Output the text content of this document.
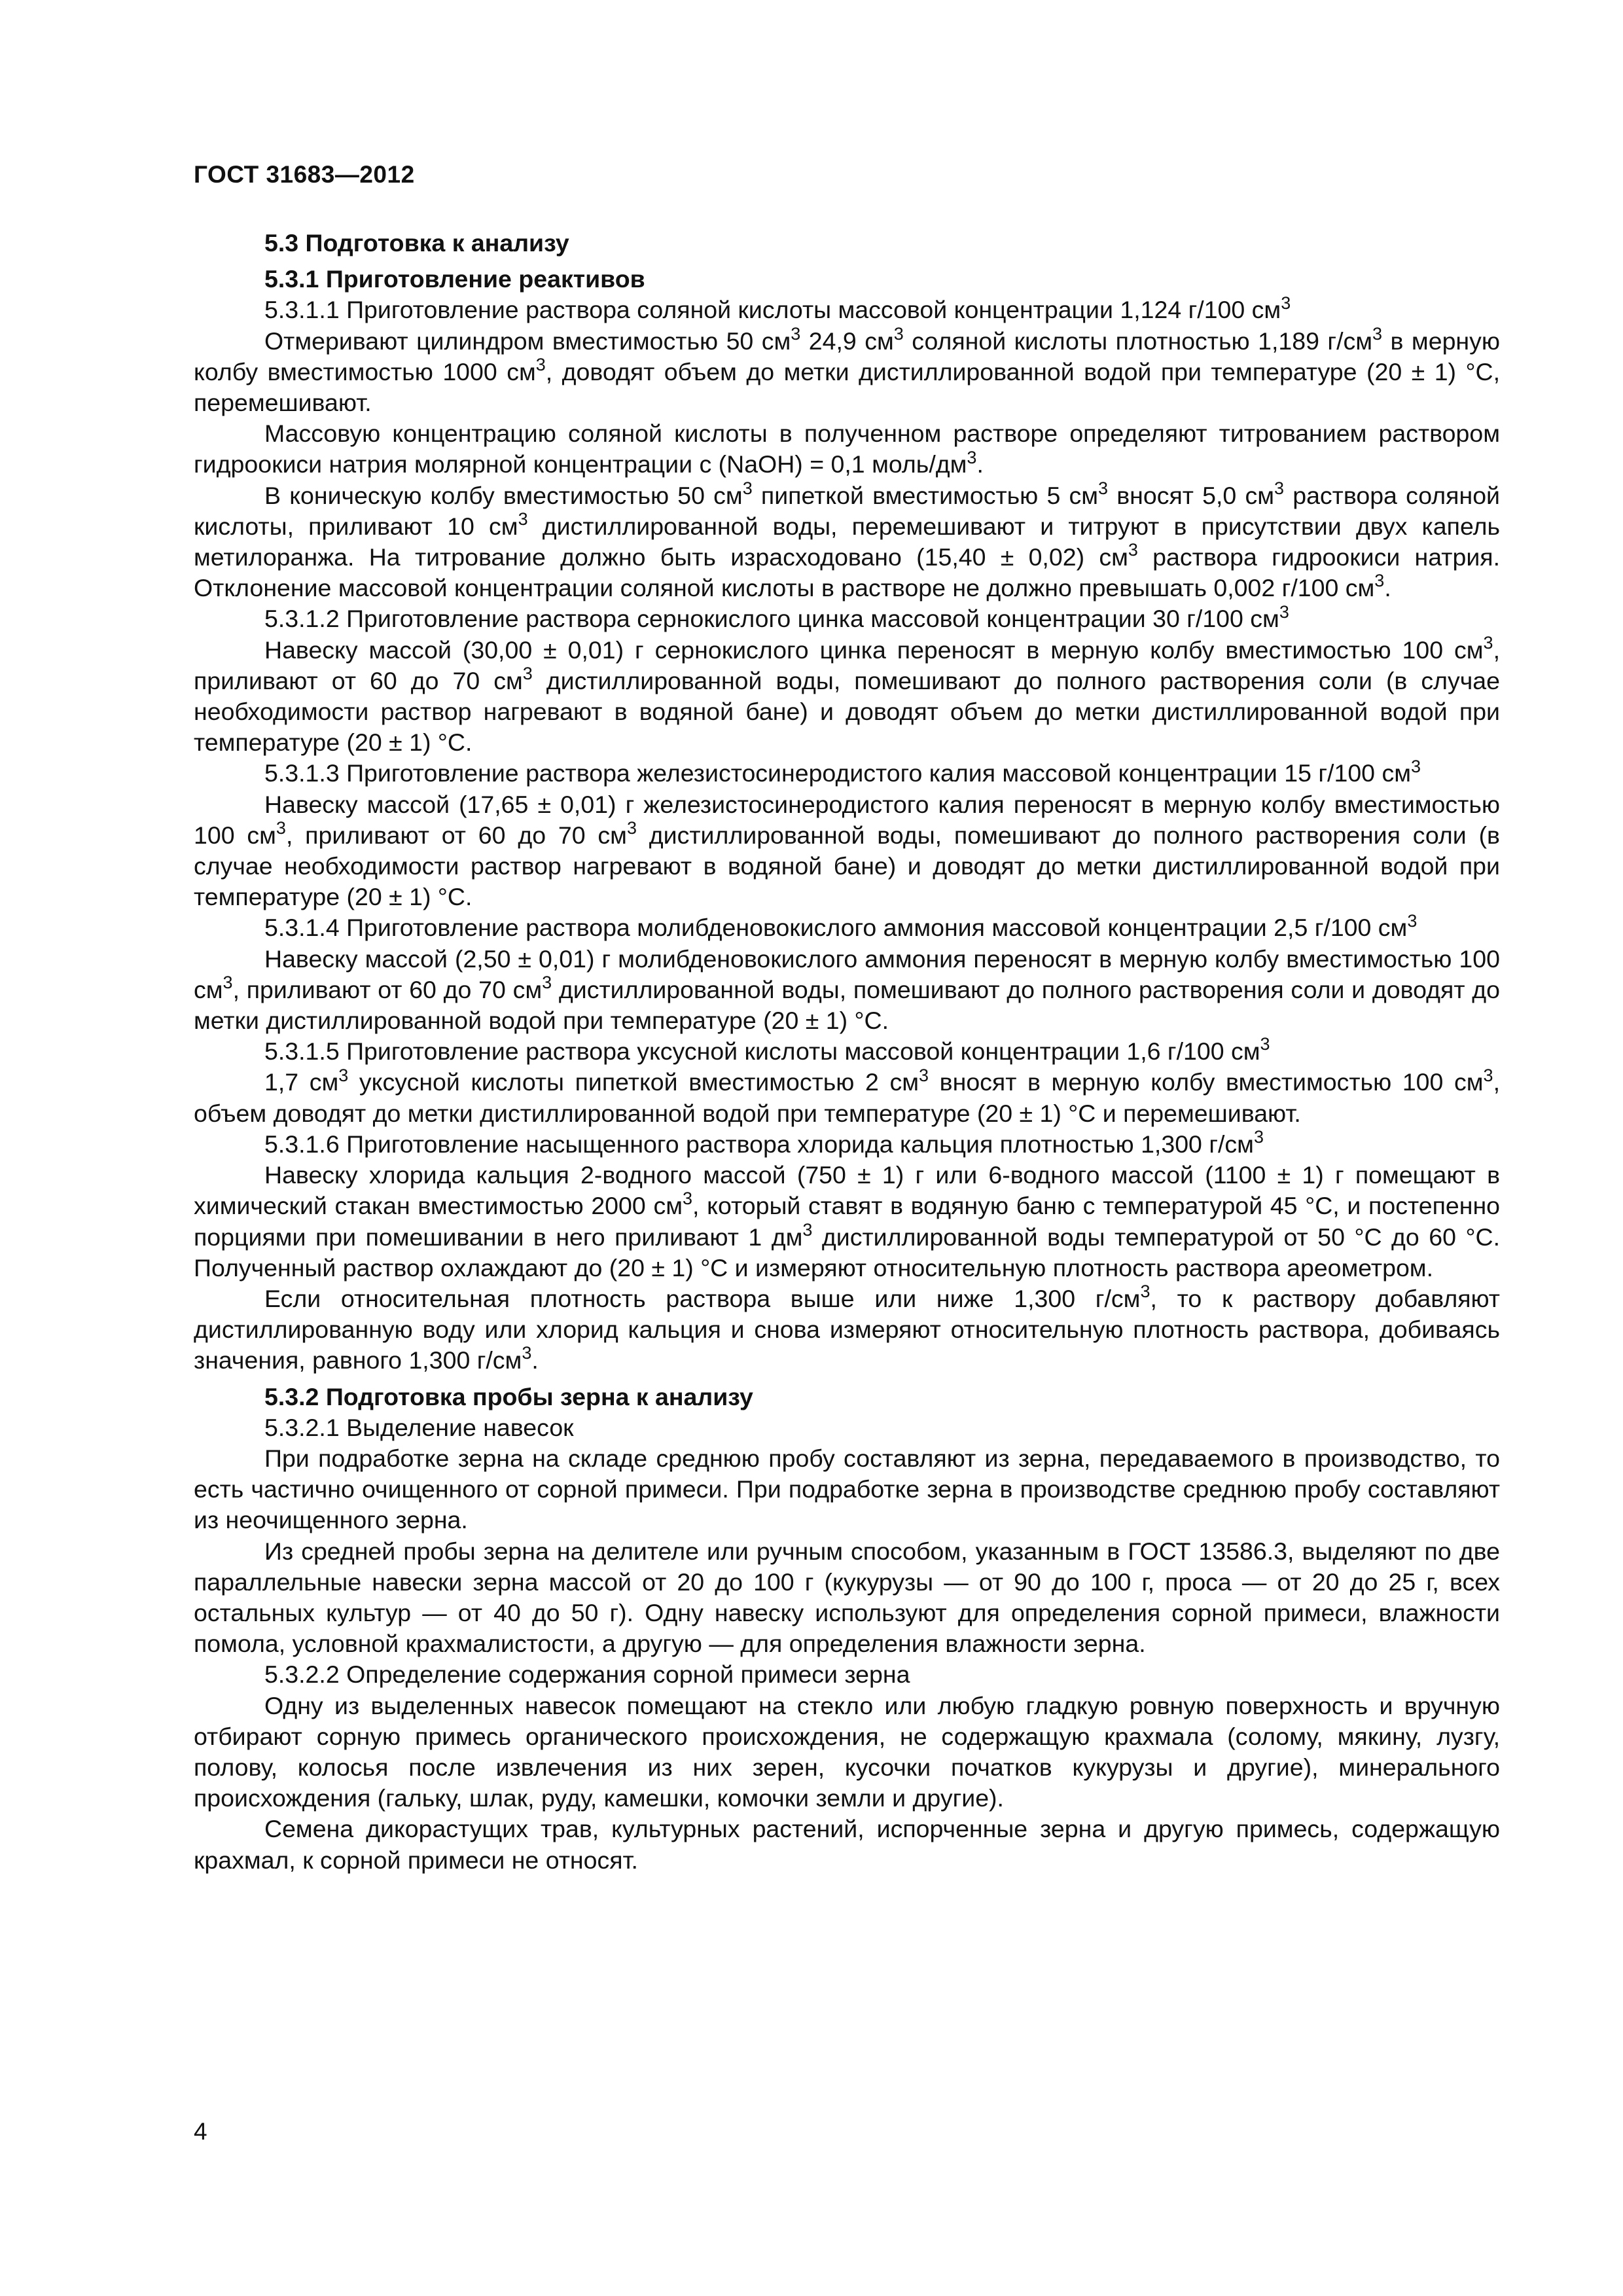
ГОСТ 31683—2012

5.3 Подготовка к анализу

5.3.1 Приготовление реактивов

5.3.1.1 Приготовление раствора соляной кислоты массовой концентрации 1,124 г/100 $см^3$

Отмеривают цилиндром вместимостью 50 $см^3$ 24,9 $см^3$ соляной кислоты плотностью 1,189 $г/см^3$ в мерную колбу вместимостью 1000 $см^3$, доводят объем до метки дистиллированной водой при температуре (20 ± 1) °С, перемешивают.

Массовую концентрацию соляной кислоты в полученном растворе определяют титрованием раствором гидроокиси натрия молярной концентрации c (NaOH) = 0,1 моль/$дм^3$.

В коническую колбу вместимостью 50 $см^3$ пипеткой вместимостью 5 $см^3$ вносят 5,0 $см^3$ раствора соляной кислоты, приливают 10 $см^3$ дистиллированной воды, перемешивают и титруют в присутствии двух капель метилоранжа. На титрование должно быть израсходовано (15,40 ± 0,02) $см^3$ раствора гидроокиси натрия. Отклонение массовой концентрации соляной кислоты в растворе не должно превышать 0,002 г/100 $см^3$.

5.3.1.2 Приготовление раствора сернокислого цинка массовой концентрации 30 г/100 $см^3$

Навеску массой (30,00 ± 0,01) г сернокислого цинка переносят в мерную колбу вместимостью 100 $см^3$, приливают от 60 до 70 $см^3$ дистиллированной воды, помешивают до полного растворения соли (в случае необходимости раствор нагревают в водяной бане) и доводят объем до метки дистиллированной водой при температуре (20 ± 1) °С.

5.3.1.3 Приготовление раствора железистосинеродистого калия массовой концентрации 15 г/100 $см^3$

Навеску массой (17,65 ± 0,01) г железистосинеродистого калия переносят в мерную колбу вместимостью 100 $см^3$, приливают от 60 до 70 $см^3$ дистиллированной воды, помешивают до полного растворения соли (в случае необходимости раствор нагревают в водяной бане) и доводят до метки дистиллированной водой при температуре (20 ± 1) °С.

5.3.1.4 Приготовление раствора молибденовокислого аммония массовой концентрации 2,5 г/100 $см^3$

Навеску массой (2,50 ± 0,01) г молибденовокислого аммония переносят в мерную колбу вместимостью 100 $см^3$, приливают от 60 до 70 $см^3$ дистиллированной воды, помешивают до полного растворения соли и доводят до метки дистиллированной водой при температуре (20 ± 1) °С.

5.3.1.5 Приготовление раствора уксусной кислоты массовой концентрации 1,6 г/100 $см^3$

1,7 $см^3$ уксусной кислоты пипеткой вместимостью 2 $см^3$ вносят в мерную колбу вместимостью 100 $см^3$, объем доводят до метки дистиллированной водой при температуре (20 ± 1) °С и перемешивают.

5.3.1.6 Приготовление насыщенного раствора хлорида кальция плотностью 1,300 $г/см^3$

Навеску хлорида кальция 2-водного массой (750 ± 1) г или 6-водного массой (1100 ± 1) г помещают в химический стакан вместимостью 2000 $см^3$, который ставят в водяную баню с температурой 45 °С, и постепенно порциями при помешивании в него приливают 1 $дм^3$ дистиллированной воды температурой от 50 °С до 60 °С. Полученный раствор охлаждают до (20 ± 1) °С и измеряют относительную плотность раствора ареометром.

Если относительная плотность раствора выше или ниже 1,300 $г/см^3$, то к раствору добавляют дистиллированную воду или хлорид кальция и снова измеряют относительную плотность раствора, добиваясь значения, равного 1,300 $г/см^3$.

5.3.2 Подготовка пробы зерна к анализу

5.3.2.1 Выделение навесок

При подработке зерна на складе среднюю пробу составляют из зерна, передаваемого в производство, то есть частично очищенного от сорной примеси. При подработке зерна в производстве среднюю пробу составляют из неочищенного зерна.

Из средней пробы зерна на делителе или ручным способом, указанным в ГОСТ 13586.3, выделяют по две параллельные навески зерна массой от 20 до 100 г (кукурузы — от 90 до 100 г, проса — от 20 до 25 г, всех остальных культур — от 40 до 50 г). Одну навеску используют для определения сорной примеси, влажности помола, условной крахмалистости, а другую — для определения влажности зерна.

5.3.2.2 Определение содержания сорной примеси зерна

Одну из выделенных навесок помещают на стекло или любую гладкую ровную поверхность и вручную отбирают сорную примесь органического происхождения, не содержащую крахмала (солому, мякину, лузгу, полову, колосья после извлечения из них зерен, кусочки початков кукурузы и другие), минерального происхождения (гальку, шлак, руду, камешки, комочки земли и другие).

Семена дикорастущих трав, культурных растений, испорченные зерна и другую примесь, содержащую крахмал, к сорной примеси не относят.

4
